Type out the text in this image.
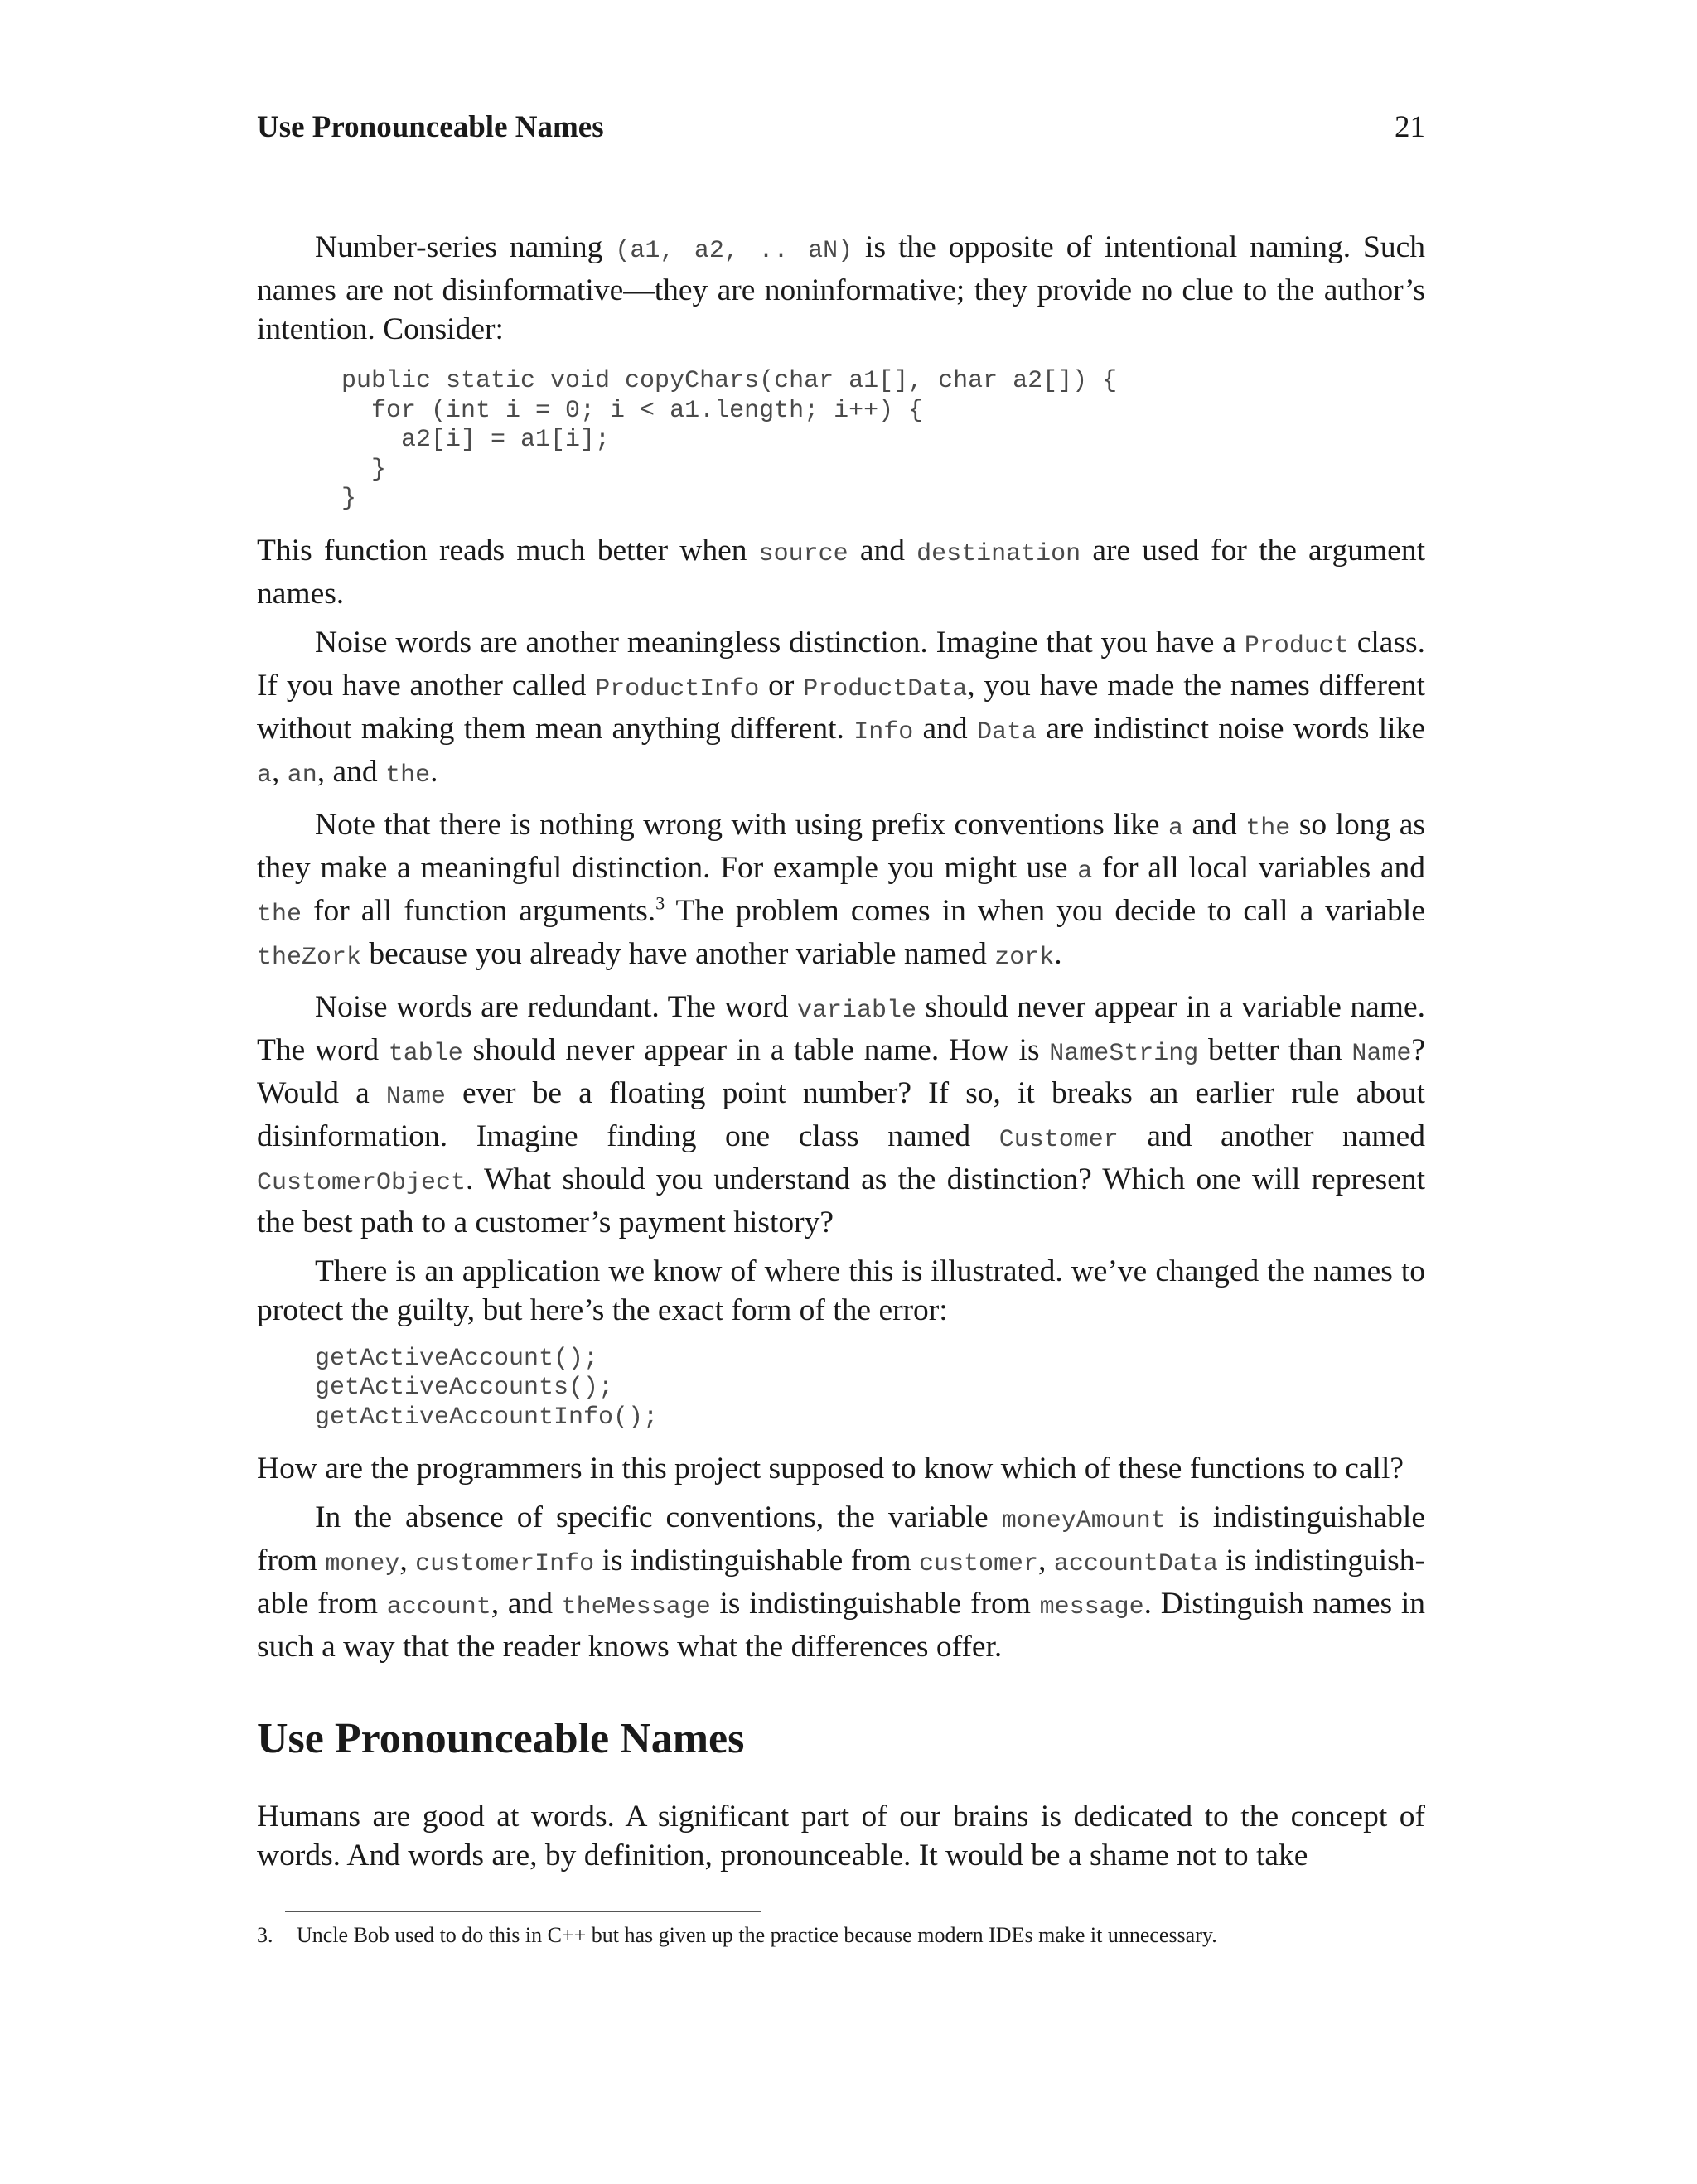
Use Pronounceable Names	21

Number-series naming (a1, a2, .. aN) is the opposite of intentional naming. Such names are not disinformative—they are noninformative; they provide no clue to the author’s intention. Consider:

public static void copyChars(char a1[], char a2[]) {
for (int i = 0; i < a1.length; i++) {
a2[i] = a1[i];
}
}

This function reads much better when source and destination are used for the argument names.

Noise words are another meaningless distinction. Imagine that you have a Product class. If you have another called ProductInfo or ProductData, you have made the names different without making them mean anything different. Info and Data are indistinct noise words like a, an, and the.

Note that there is nothing wrong with using prefix conventions like a and the so long as they make a meaningful distinction. For example you might use a for all local variables and the for all function arguments.$^3$ The problem comes in when you decide to call a variable theZork because you already have another variable named zork.

Noise words are redundant. The word variable should never appear in a variable name. The word table should never appear in a table name. How is NameString better than Name? Would a Name ever be a floating point number? If so, it breaks an earlier rule about disinformation. Imagine finding one class named Customer and another named CustomerObject. What should you understand as the distinction? Which one will represent the best path to a customer’s payment history?

There is an application we know of where this is illustrated. we’ve changed the names to protect the guilty, but here’s the exact form of the error:

getActiveAccount();
getActiveAccounts();
getActiveAccountInfo();

How are the programmers in this project supposed to know which of these functions to call?

In the absence of specific conventions, the variable moneyAmount is indistinguishable from money, customerInfo is indistinguishable from customer, accountData is indistinguishable from account, and theMessage is indistinguishable from message. Distinguish names in such a way that the reader knows what the differences offer.

Use Pronounceable Names

Humans are good at words. A significant part of our brains is dedicated to the concept of words. And words are, by definition, pronounceable. It would be a shame not to take

3. Uncle Bob used to do this in C++ but has given up the practice because modern IDEs make it unnecessary.
